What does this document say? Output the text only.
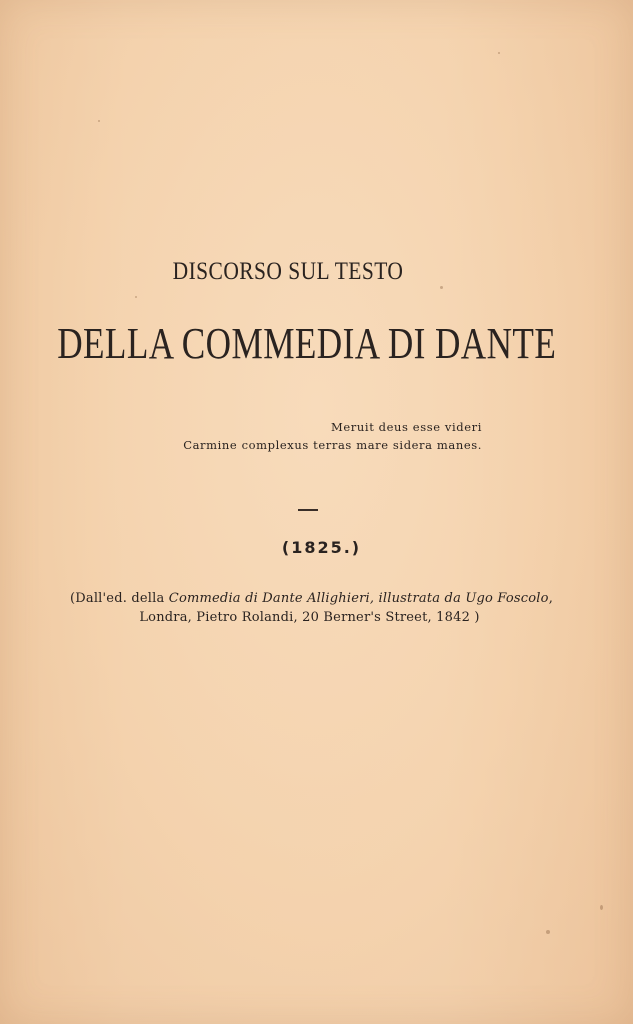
DISCORSO SUL TESTO
DELLA COMMEDIA DI DANTE
Meruit deus esse videri
Carmine complexus terras mare sidera manes.
(1825.)
(Dall'ed. della Commedia di Dante Allighieri, illustrata da Ugo Foscolo,
Londra, Pietro Rolandi, 20 Berner's Street, 1842 )
